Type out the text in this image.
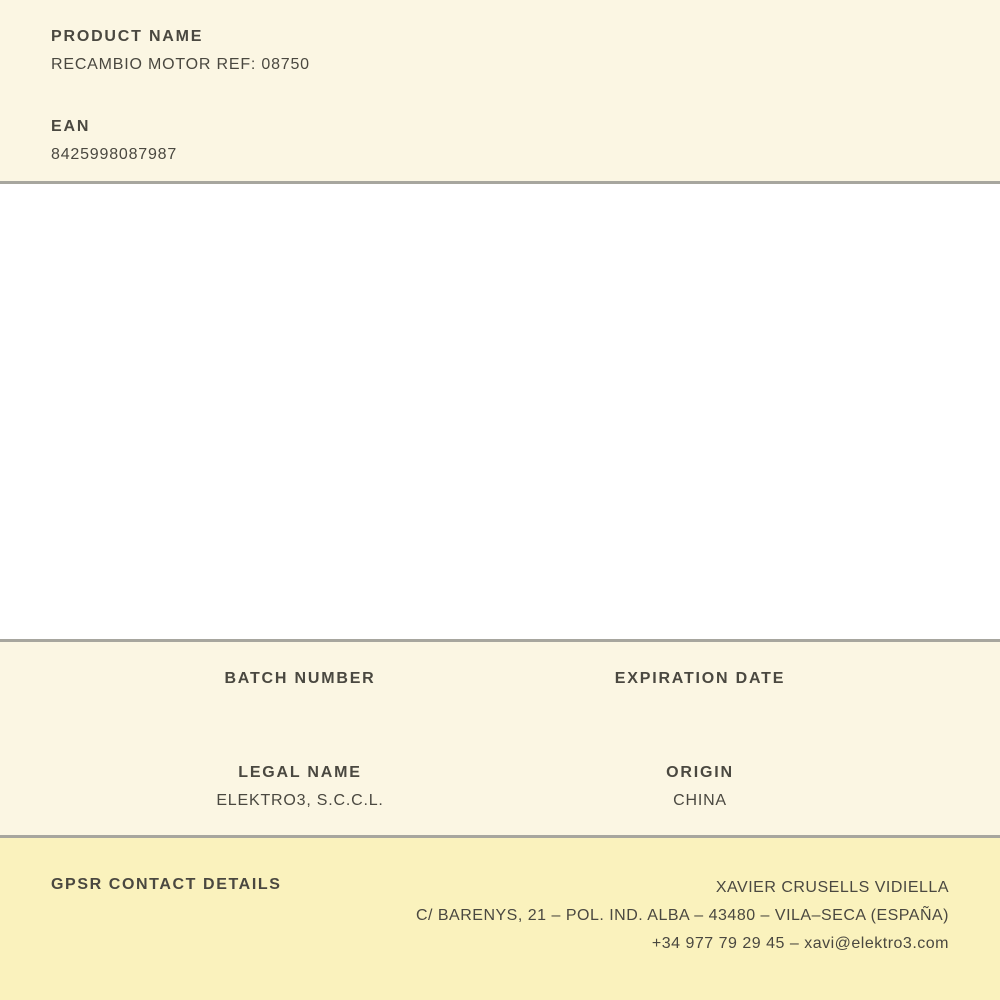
PRODUCT NAME
RECAMBIO MOTOR REF: 08750
EAN
8425998087987
BATCH NUMBER	EXPIRATION DATE
LEGAL NAME
ELEKTRO3, S.C.C.L.
ORIGIN
CHINA
GPSR CONTACT DETAILS	XAVIER CRUSELLS VIDIELLA
C/ BARENYS, 21 – POL. IND. ALBA – 43480 – VILA–SECA (ESPAÑA)
+34 977 79 29 45 – xavi@elektro3.com
